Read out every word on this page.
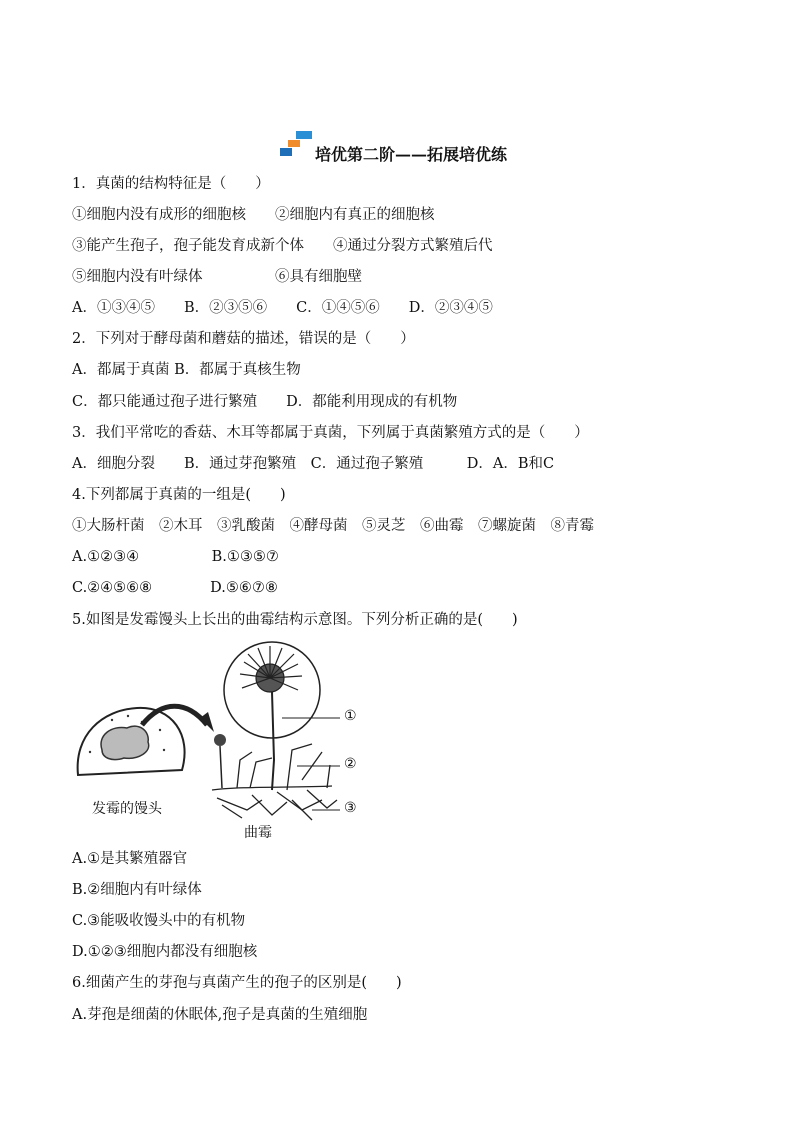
培优第二阶——拓展培优练
1．真菌的结构特征是（　　）
①细胞内没有成形的细胞核　　②细胞内有真正的细胞核
③能产生孢子，孢子能发育成新个体　　④通过分裂方式繁殖后代
⑤细胞内没有叶绿体　　　　　⑥具有细胞壁
A．①③④⑤　　B．②③⑤⑥　　C．①④⑤⑥　　D．②③④⑤
2．下列对于酵母菌和蘑菇的描述，错误的是（　　）
A．都属于真菌 B．都属于真核生物
C．都只能通过孢子进行繁殖　　D．都能利用现成的有机物
3．我们平常吃的香菇、木耳等都属于真菌，下列属于真菌繁殖方式的是（　　）
A．细胞分裂　　B．通过芽孢繁殖　C．通过孢子繁殖　　　D．A．B和C
4.下列都属于真菌的一组是(　　)
①大肠杆菌　②木耳　③乳酸菌　④酵母菌　⑤灵芝　⑥曲霉　⑦螺旋菌　⑧青霉
A.①②③④　　　　　B.①③⑤⑦
C.②④⑤⑥⑧　　　　D.⑤⑥⑦⑧
5.如图是发霉馒头上长出的曲霉结构示意图。下列分析正确的是(　　)
发霉的馒头
曲霉
①
②
③
A.①是其繁殖器官
B.②细胞内有叶绿体
C.③能吸收馒头中的有机物
D.①②③细胞内都没有细胞核
6.细菌产生的芽孢与真菌产生的孢子的区别是(　　)
A.芽孢是细菌的休眠体,孢子是真菌的生殖细胞
